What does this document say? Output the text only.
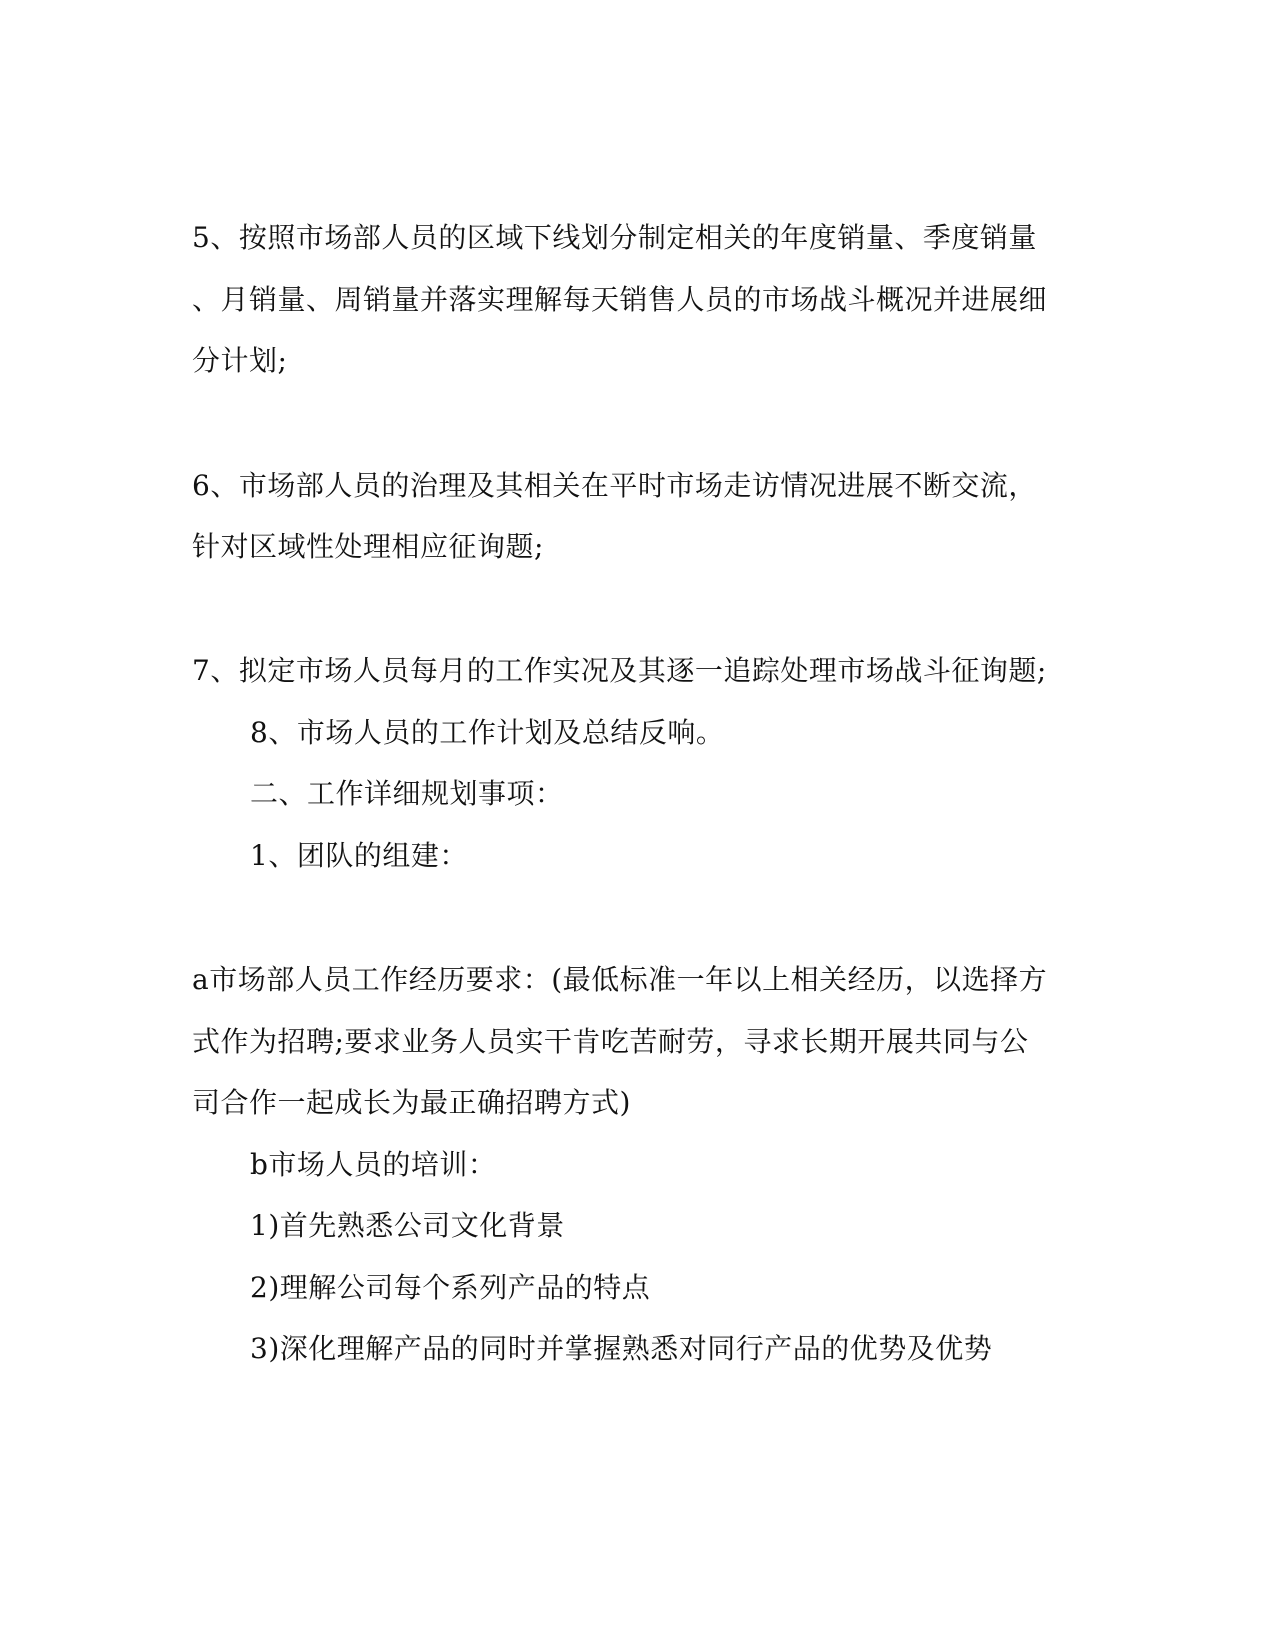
5、按照市场部人员的区域下线划分制定相关的年度销量、季度销量
、月销量、周销量并落实理解每天销售人员的市场战斗概况并进展细
分计划;
6、市场部人员的治理及其相关在平时市场走访情况进展不断交流，
针对区域性处理相应征询题;
7、拟定市场人员每月的工作实况及其逐一追踪处理市场战斗征询题;
8、市场人员的工作计划及总结反响。
二、工作详细规划事项：
1、团队的组建：
a市场部人员工作经历要求：(最低标准一年以上相关经历，以选择方
式作为招聘;要求业务人员实干肯吃苦耐劳，寻求长期开展共同与公
司合作一起成长为最正确招聘方式)
b市场人员的培训：
1)首先熟悉公司文化背景
2)理解公司每个系列产品的特点
3)深化理解产品的同时并掌握熟悉对同行产品的优势及优势
